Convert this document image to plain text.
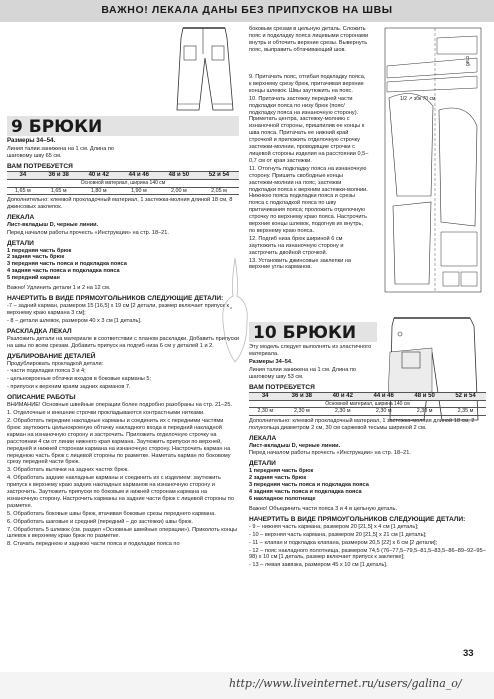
ВАЖНО! ЛЕКАЛА ДАНЫ БЕЗ ПРИПУСКОВ НА ШВЫ
9 БРЮКИ

Размеры 34–54.

Линия талии занижена на 1 см. Длина по шаговому шву 65 см.

ВАМ ПОТРЕБУЕТСЯ
34	36 и 38	40 и 42	44 и 46	48 и 50	52 и 54
Основной материал, ширина 140 см					
1,65 м	1,65 м	1,80 м	1,90 м	2,00 м	2,05 м

Дополнительно: клеевой прокладочный материал, 1 застежка-молния длиной 18 см, 8 джинсовых заклепок.

ЛЕКАЛА

Лист-вкладыш D, черные линии.

Перед началом работы прочесть «Инструкции» на стр. 18–21.

ДЕТАЛИ

1 передняя часть брюк

2 задняя часть брюк

3 передняя часть пояса и подкладка пояса

4 задняя часть пояса и подкладка пояса

5 передний карман

Важно! Удлинить детали 1 и 2 на 12 см.

НАЧЕРТИТЬ В ВИДЕ ПРЯМОУГОЛЬНИКОВ СЛЕДУЮЩИЕ ДЕТАЛИ:

-7 – задний карман, размером 15 [16,5] х 19 см [2 детали, размер включает припуск к верхнему краю кармана 3 см];

- 8 – детали шлевок, размером 40 х 3 см [1 деталь].

РАСКЛАДКА ЛЕКАЛ

Разложить детали на материале в соответствии с планом раскладки. Добавить припуски на швы по всем срезам. Добавить припуск на подгиб низа 6 см у деталей 1 и 2.

ДУБЛИРОВАНИЕ ДЕТАЛЕЙ

Продублировать прокладкой детали:

- части подкладки пояса 3 и 4;

- цельнокроеные обтачки входов в боковые карманы 5;

- припуски к верхним краям задних карманов 7.

ОПИСАНИЕ РАБОТЫ

ВНИМАНИЕ! Основные швейные операции более подробно разобраны на стр. 21–25.

1. Отделочные и внешние строчки прокладываются контрастными нитками.

2. Обработать передние накладные карманы и соединить их с передними частями брюк: заутюжить цельнокроеную обтачку накладного входа в передний накладной карман на изнаночную сторону и застрочить. Приложить отделочную строчку на расстоянии 4 см от линии нижнего края кармана. Заутюжить припуски по верхней, передней и нижней сторонам кармана на изнаночную сторону. Настрочить карман на переднюю часть брюк с лицевой стороны по разметке. Наметать карман по боковому срезу передней части брюк.

3. Обработать вытачки на задних частях брюк.

4. Обработать задние накладные карманы и соединить их с изделием: заутюжить припуск к верхнему краю задних накладных карманов на изнаночную сторону и застрочить. Заутюжить припуски по боковым и нижней сторонам кармана на изнаночную сторону. Настрочить карманы на задние части брюк с лицевой стороны по разметке.

5. Обработать боковые швы брюк, втачивая боковые срезы переднего кармана.

6. Обработать шаговые и средний (передний – до застежки) швы брюк.

7. Обработать 5 шлевок (см. раздел «Основные швейные операции»). Приколоть концы шлевок к верхнему краю брюк по разметке.

8. Стачать переднюю и заднюю части пояса и подкладки пояса по

боковым срезам в цельную деталь. Сложить пояс и подкладку пояса лицевыми сторонами внутрь и обточить верхние срезы. Вывернуть пояс, выправить обтачивающий шов.

9. Притачать пояс, отгибая подкладку пояса, к верхнему срезу брюк, притачивая верхние концы шлевок. Швы заутюжить на пояс.

10. Притачать застежку передней части подкладки пояса по низу брюк (пояс/подкладку пояса на изнаночную сторону). Приметать центра, застежку-молнию с изнаночной стороны, пришпилив ее концы к шва пояса. Притачать ее нижний край строчкой и приложить отделочную строчку застежки-молнии, проводящие строчки с лицевой стороны изделия на расстоянии 0,5–0,7 см от края застежки.

11. Отогнуть подкладку пояса на изнаночную сторону. Пришить свободные концы застежки-молнии на пояс, застежки подкладки пояса к верхним застежки-молнии. Нижнюю пояса подкладки пояса и срезы пояса с подкладкой пояса по шву притачивания пояса; проложить отделочную строчку по верхнему краю пояса. Настрочить верхние концы шлевок, подогнув их внутрь, по верхнему краю пояса.

12. Подгиб низа брюк шириной 6 см заутюжить на изнаночную сторону и застрочить двойной строчкой.

13. Установить джинсовые заклепки на верхние углы карманов.

1/2 ↗ збк 70 см
сгиб
10 БРЮКИ

Эту модель следует выполнять из эластичного материала.

Размеры 34–54.

Линия талии занижена на 1 см. Длина по шаговому шву 53 см.

ВАМ ПОТРЕБУЕТСЯ
34	36 и 38	40 и 42	44 и 46	48 и 50	52 и 54
Основной материал, ширина 140 см					
2,30 м	2,30 м	2,30 м	2,30 м	2,30 м	2,35 м

Дополнительно: клеевой прокладочный материал, 1 застежка-молния длиной 18 см, 2 полукольца диаметром 2 см, 30 см саржевой тесьмы шириной 2 см.

ЛЕКАЛА

Лист-вкладыш D, черные линии.

Перед началом работы прочесть «Инструкции» на стр. 18–21.

ДЕТАЛИ

1 передняя часть брюк

2 задняя часть брюк

3 передняя часть пояса и подкладка пояса

4 задняя часть пояса и подкладка пояса

6 накладное полотнище

Важно! Объединить части пояса 3 и 4 в цельную деталь.

НАЧЕРТИТЬ В ВИДЕ ПРЯМОУГОЛЬНИКОВ СЛЕДУЮЩИЕ ДЕТАЛИ:

- 9 – нижняя часть кармана, размером 20 [21,5] х 4 см [1 деталь];

- 10 – верхняя часть кармана, размером 20 [21,5] х 21 см [1 деталь];

- 11 – клапан и подкладка клапана, размером 20,5 [22] х 6 см [2 детали];

- 12 – пояс накладного полотнища, размером 74,5 (76–77,5–79,5–81,5–83,5–86–89–92–95–98) х 10 см [1 деталь, размер включает припуск к заклепке];

- 13 – левая завязка, размером 45 х 10 см [1 деталь].

33
http://www.liveinternet.ru/users/galina_o/
